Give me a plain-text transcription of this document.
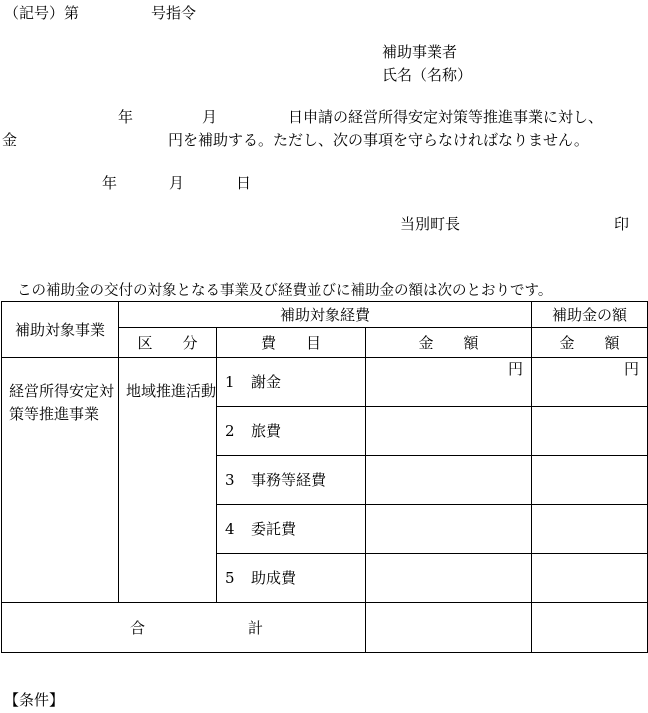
（記号）第	号指令
補助事業者
氏名（名称）
年	月	日申請の経営所得安定対策等推進事業に対し、
金	円を補助する。ただし、次の事項を守らなければなりません。
年	月	日
当別町長	印
この補助金の交付の対象となる事業及び経費並びに補助金の額は次のとおりです。
補助対象事業	補助対象経費			補助金の額
	区　　分	費　　目	金　　額	金　　額
経営所得安定対策等推進事業	地域推進活動	1 謝金	円	円
		2 旅費		
		3 事務等経費		
		4 委託費		
		5 助成費		
合 計				
【条件】
